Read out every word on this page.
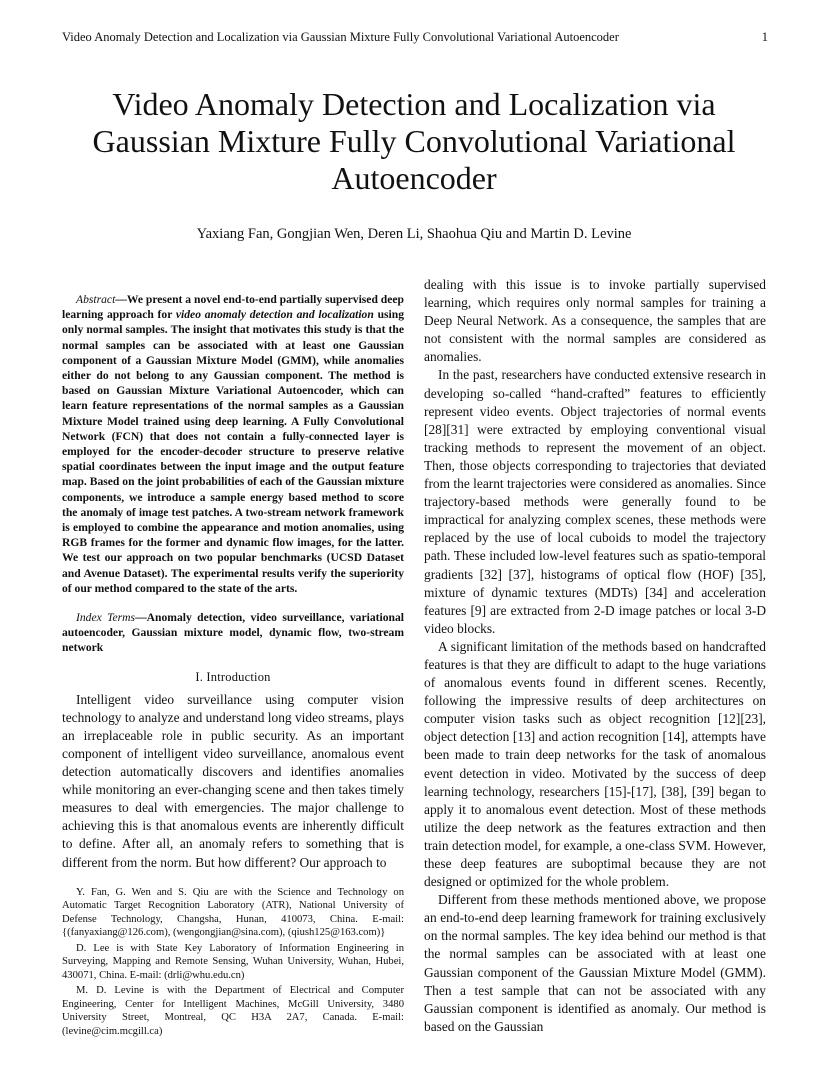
Video Anomaly Detection and Localization via Gaussian Mixture Fully Convolutional Variational Autoencoder	1
Video Anomaly Detection and Localization via Gaussian Mixture Fully Convolutional Variational Autoencoder
Yaxiang Fan, Gongjian Wen, Deren Li, Shaohua Qiu and Martin D. Levine

Abstract—We present a novel end-to-end partially supervised deep learning approach for video anomaly detection and localization using only normal samples. The insight that motivates this study is that the normal samples can be associated with at least one Gaussian component of a Gaussian Mixture Model (GMM), while anomalies either do not belong to any Gaussian component. The method is based on Gaussian Mixture Variational Autoencoder, which can learn feature representations of the normal samples as a Gaussian Mixture Model trained using deep learning. A Fully Convolutional Network (FCN) that does not contain a fully-connected layer is employed for the encoder-decoder structure to preserve relative spatial coordinates between the input image and the output feature map. Based on the joint probabilities of each of the Gaussian mixture components, we introduce a sample energy based method to score the anomaly of image test patches. A two-stream network framework is employed to combine the appearance and motion anomalies, using RGB frames for the former and dynamic flow images, for the latter. We test our approach on two popular benchmarks (UCSD Dataset and Avenue Dataset). The experimental results verify the superiority of our method compared to the state of the arts.

Index Terms—Anomaly detection, video surveillance, variational autoencoder, Gaussian mixture model, dynamic flow, two-stream network

I. Introduction

Intelligent video surveillance using computer vision technology to analyze and understand long video streams, plays an irreplaceable role in public security. As an important component of intelligent video surveillance, anomalous event detection automatically discovers and identifies anomalies while monitoring an ever-changing scene and then takes timely measures to deal with emergencies. The major challenge to achieving this is that anomalous events are inherently difficult to define. After all, an anomaly refers to something that is different from the norm. But how different? Our approach to

Y. Fan, G. Wen and S. Qiu are with the Science and Technology on Automatic Target Recognition Laboratory (ATR), National University of Defense Technology, Changsha, Hunan, 410073, China. E-mail: {(fanyaxiang@126.com), (wengongjian@sina.com), (qiush125@163.com)}

D. Lee is with State Key Laboratory of Information Engineering in Surveying, Mapping and Remote Sensing, Wuhan University, Wuhan, Hubei, 430071, China. E-mail: (drli@whu.edu.cn)

M. D. Levine is with the Department of Electrical and Computer Engineering, Center for Intelligent Machines, McGill University, 3480 University Street, Montreal, QC H3A 2A7, Canada. E-mail: (levine@cim.mcgill.ca)

dealing with this issue is to invoke partially supervised learning, which requires only normal samples for training a Deep Neural Network. As a consequence, the samples that are not consistent with the normal samples are considered as anomalies.

In the past, researchers have conducted extensive research in developing so-called “hand-crafted” features to efficiently represent video events. Object trajectories of normal events [28][31] were extracted by employing conventional visual tracking methods to represent the movement of an object. Then, those objects corresponding to trajectories that deviated from the learnt trajectories were considered as anomalies. Since trajectory-based methods were generally found to be impractical for analyzing complex scenes, these methods were replaced by the use of local cuboids to model the trajectory path. These included low-level features such as spatio-temporal gradients [32] [37], histograms of optical flow (HOF) [35], mixture of dynamic textures (MDTs) [34] and acceleration features [9] are extracted from 2-D image patches or local 3-D video blocks.

A significant limitation of the methods based on handcrafted features is that they are difficult to adapt to the huge variations of anomalous events found in different scenes. Recently, following the impressive results of deep architectures on computer vision tasks such as object recognition [12][23], object detection [13] and action recognition [14], attempts have been made to train deep networks for the task of anomalous event detection in video. Motivated by the success of deep learning technology, researchers [15]-[17], [38], [39] began to apply it to anomalous event detection. Most of these methods utilize the deep network as the features extraction and then train detection model, for example, a one-class SVM. However, these deep features are suboptimal because they are not designed or optimized for the whole problem.

Different from these methods mentioned above, we propose an end-to-end deep learning framework for training exclusively on the normal samples. The key idea behind our method is that the normal samples can be associated with at least one Gaussian component of the Gaussian Mixture Model (GMM). Then a test sample that can not be associated with any Gaussian component is identified as anomaly. Our method is based on the Gaussian
